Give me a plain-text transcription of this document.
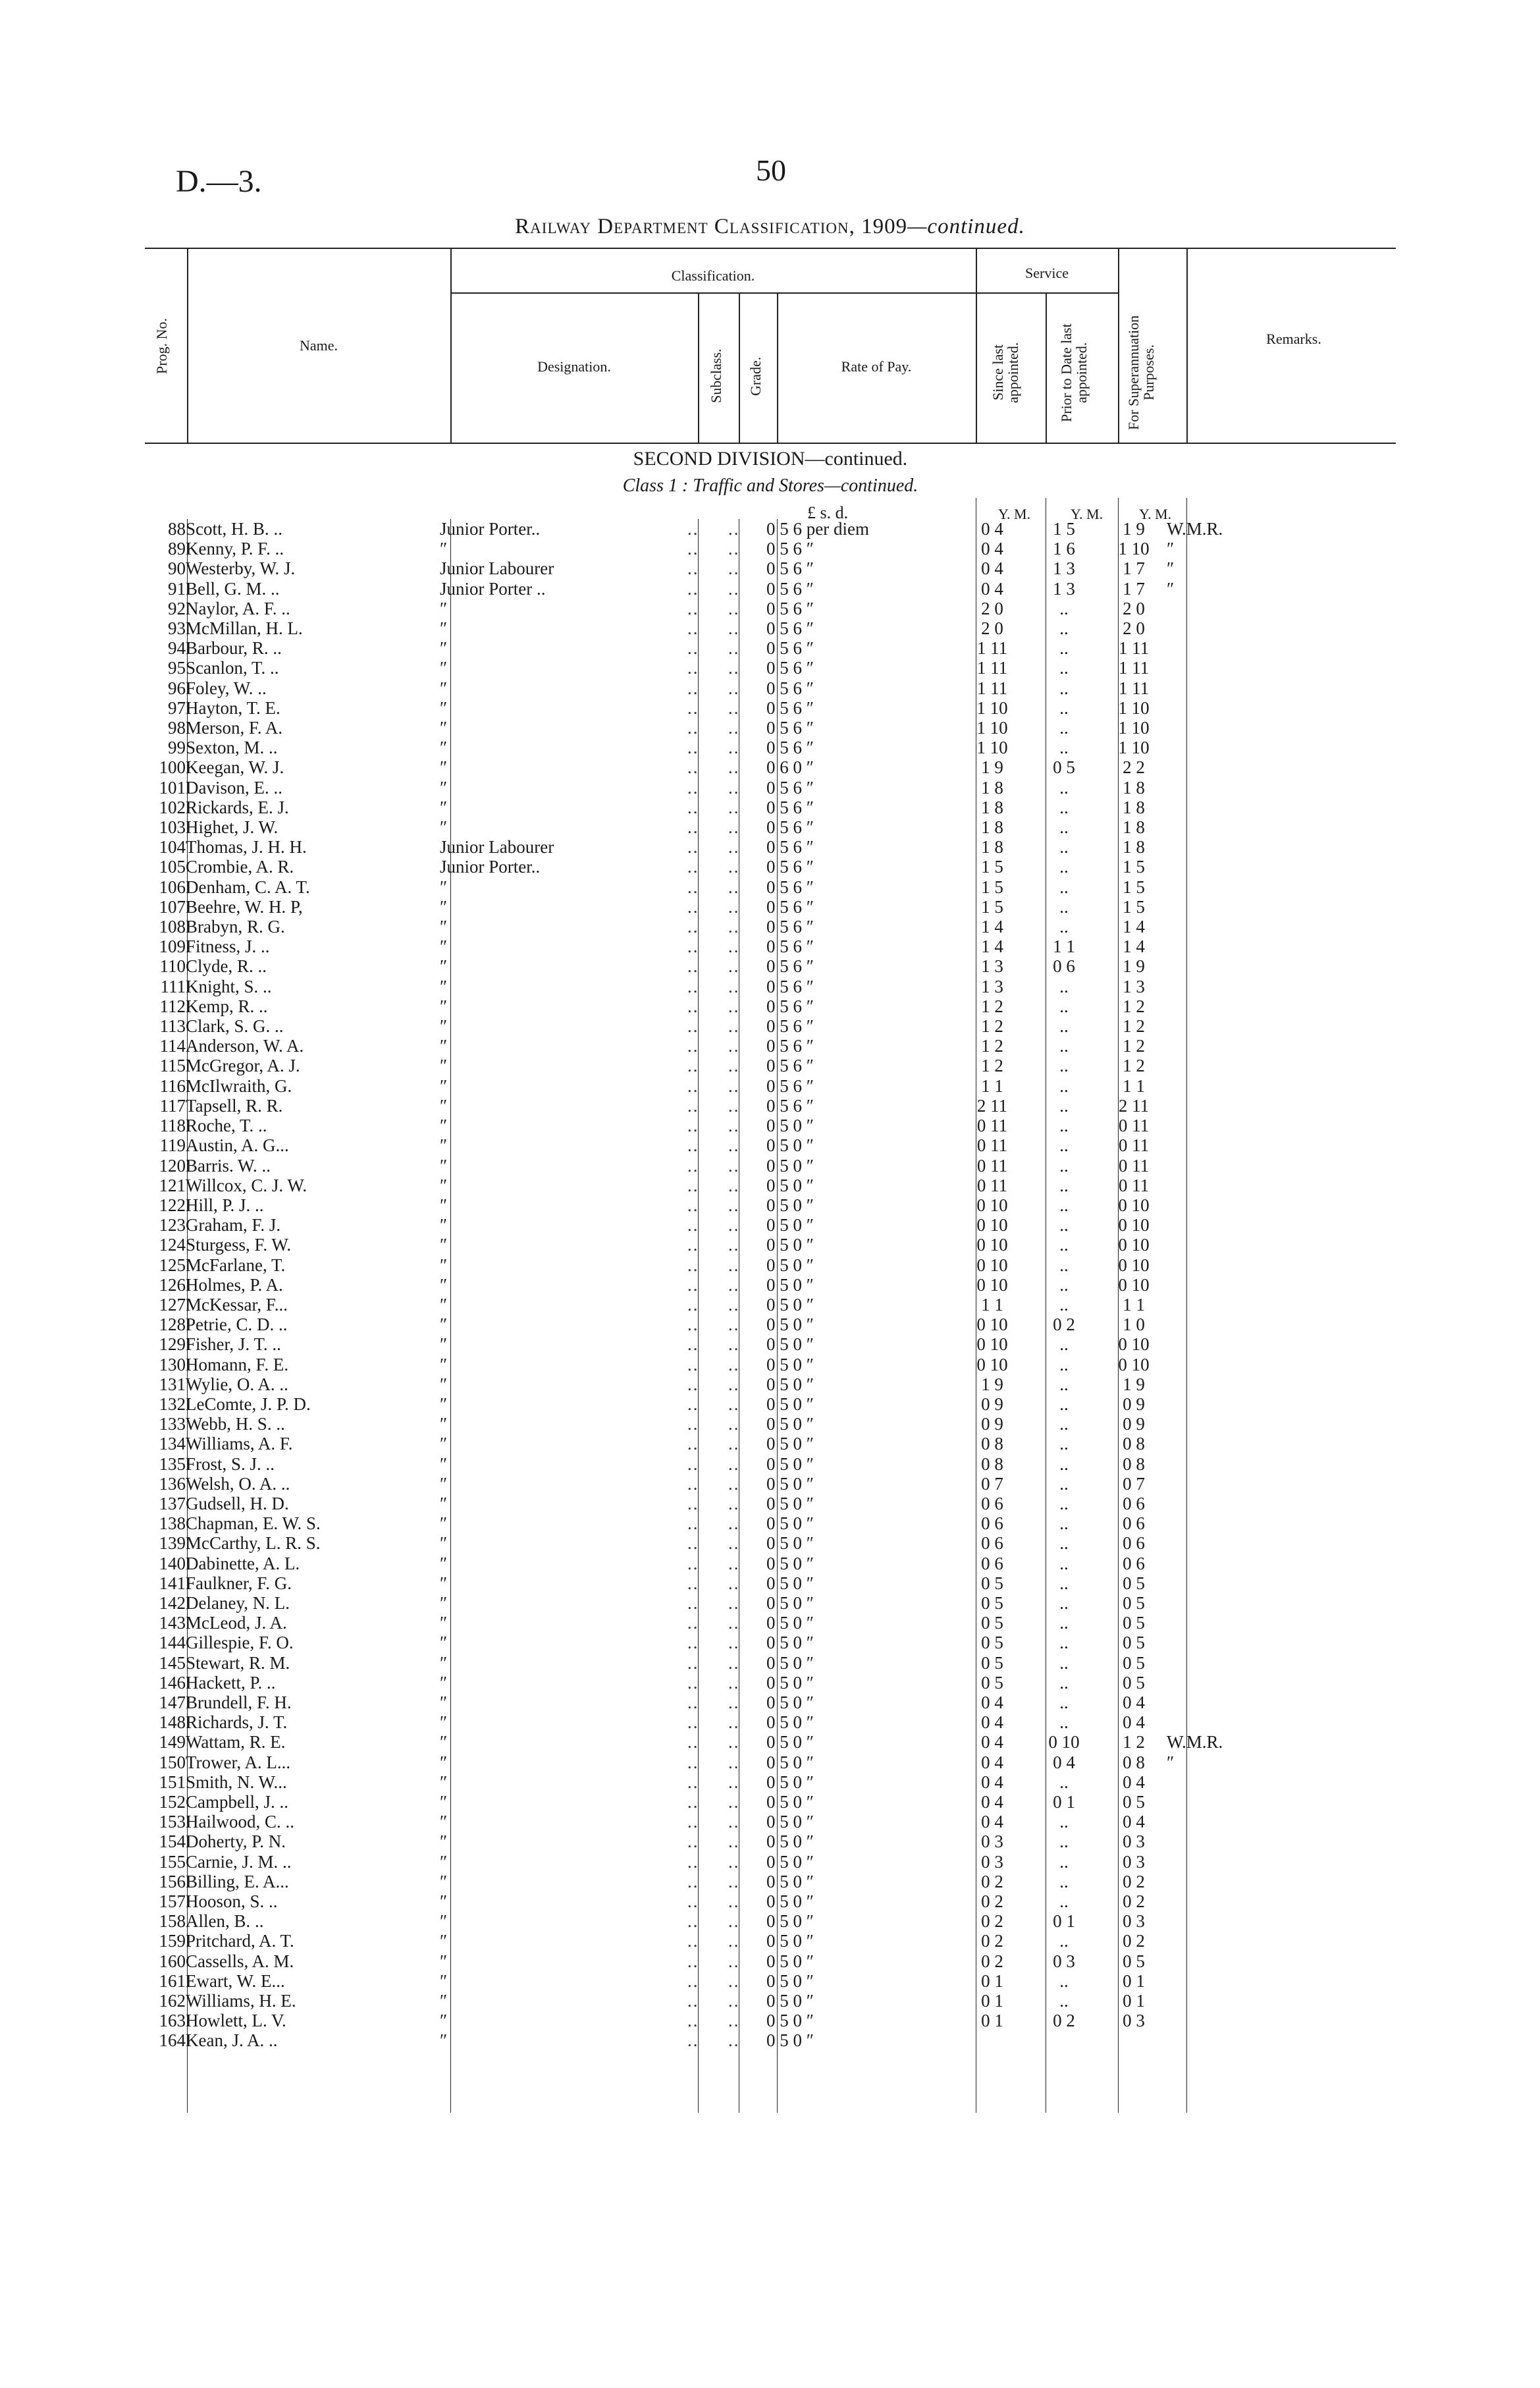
D.—3.	50
Railway Department Classification, 1909—continued.
Prog. No.	Name.
Classification.
Designation.	Subclass. Grade.	Rate of Pay.
Service
Since last appointed.	Prior to Date last appointed.	For Superannuation Purposes.
Remarks.
SECOND DIVISION—continued.
Class 1 : Traffic and Stores—continued.
£ s. d.	Y. M.	Y. M. Y. M.
88	Scott, H. B. ..	Junior Porter..	..	..	0 5 6 per diem	0 4	1 5	1 9	W.M.R.
89	Kenny, P. F. ..	″	..	..	0 5 6 ″	0 4	1 6	1 10	″
90	Westerby, W. J.	Junior Labourer	..	..	0 5 6 ″	0 4	1 3	1 7	″
91	Bell, G. M. ..	Junior Porter ..	..	..	0 5 6 ″	0 4	1 3	1 7	″
92	Naylor, A. F. ..	″	..	..	0 5 6 ″	2 0	..	2 0	
93	McMillan, H. L.	″	..	..	0 5 6 ″	2 0	..	2 0	
94	Barbour, R. ..	″	..	..	0 5 6 ″	1 11	..	1 11	
95	Scanlon, T. ..	″	..	..	0 5 6 ″	1 11	..	1 11	
96	Foley, W. ..	″	..	..	0 5 6 ″	1 11	..	1 11	
97	Hayton, T. E.	″	..	..	0 5 6 ″	1 10	..	1 10	
98	Merson, F. A.	″	..	..	0 5 6 ″	1 10	..	1 10	
99	Sexton, M. ..	″	..	..	0 5 6 ″	1 10	..	1 10	
100	Keegan, W. J.	″	..	..	0 6 0 ″	1 9	0 5	2 2	
101	Davison, E. ..	″	..	..	0 5 6 ″	1 8	..	1 8	
102	Rickards, E. J.	″	..	..	0 5 6 ″	1 8	..	1 8	
103	Highet, J. W.	″	..	..	0 5 6 ″	1 8	..	1 8	
104	Thomas, J. H. H.	Junior Labourer	..	..	0 5 6 ″	1 8	..	1 8	
105	Crombie, A. R.	Junior Porter..	..	..	0 5 6 ″	1 5	..	1 5	
106	Denham, C. A. T.	″	..	..	0 5 6 ″	1 5	..	1 5	
107	Beehre, W. H. P,	″	..	..	0 5 6 ″	1 5	..	1 5	
108	Brabyn, R. G.	″	..	..	0 5 6 ″	1 4	..	1 4	
109	Fitness, J. ..	″	..	..	0 5 6 ″	1 4	1 1	1 4	
110	Clyde, R. ..	″	..	..	0 5 6 ″	1 3	0 6	1 9	
111	Knight, S. ..	″	..	..	0 5 6 ″	1 3	..	1 3	
112	Kemp, R. ..	″	..	..	0 5 6 ″	1 2	..	1 2	
113	Clark, S. G. ..	″	..	..	0 5 6 ″	1 2	..	1 2	
114	Anderson, W. A.	″	..	..	0 5 6 ″	1 2	..	1 2	
115	McGregor, A. J.	″	..	..	0 5 6 ″	1 2	..	1 2	
116	McIlwraith, G.	″	..	..	0 5 6 ″	1 1	..	1 1	
117	Tapsell, R. R.	″	..	..	0 5 6 ″	2 11	..	2 11	
118	Roche, T. ..	″	..	..	0 5 0 ″	0 11	..	0 11	
119	Austin, A. G...	″	..	..	0 5 0 ″	0 11	..	0 11	
120	Barris. W. ..	″	..	..	0 5 0 ″	0 11	..	0 11	
121	Willcox, C. J. W.	″	..	..	0 5 0 ″	0 11	..	0 11	
122	Hill, P. J. ..	″	..	..	0 5 0 ″	0 10	..	0 10	
123	Graham, F. J.	″	..	..	0 5 0 ″	0 10	..	0 10	
124	Sturgess, F. W.	″	..	..	0 5 0 ″	0 10	..	0 10	
125	McFarlane, T.	″	..	..	0 5 0 ″	0 10	..	0 10	
126	Holmes, P. A.	″	..	..	0 5 0 ″	0 10	..	0 10	
127	McKessar, F...	″	..	..	0 5 0 ″	1 1	..	1 1	
128	Petrie, C. D. ..	″	..	..	0 5 0 ″	0 10	0 2	1 0	
129	Fisher, J. T. ..	″	..	..	0 5 0 ″	0 10	..	0 10	
130	Homann, F. E.	″	..	..	0 5 0 ″	0 10	..	0 10	
131	Wylie, O. A. ..	″	..	..	0 5 0 ″	1 9	..	1 9	
132	LeComte, J. P. D.	″	..	..	0 5 0 ″	0 9	..	0 9	
133	Webb, H. S. ..	″	..	..	0 5 0 ″	0 9	..	0 9	
134	Williams, A. F.	″	..	..	0 5 0 ″	0 8	..	0 8	
135	Frost, S. J. ..	″	..	..	0 5 0 ″	0 8	..	0 8	
136	Welsh, O. A. ..	″	..	..	0 5 0 ″	0 7	..	0 7	
137	Gudsell, H. D.	″	..	..	0 5 0 ″	0 6	..	0 6	
138	Chapman, E. W. S.	″	..	..	0 5 0 ″	0 6	..	0 6	
139	McCarthy, L. R. S.	″	..	..	0 5 0 ″	0 6	..	0 6	
140	Dabinette, A. L.	″	..	..	0 5 0 ″	0 6	..	0 6	
141	Faulkner, F. G.	″	..	..	0 5 0 ″	0 5	..	0 5	
142	Delaney, N. L.	″	..	..	0 5 0 ″	0 5	..	0 5	
143	McLeod, J. A.	″	..	..	0 5 0 ″	0 5	..	0 5	
144	Gillespie, F. O.	″	..	..	0 5 0 ″	0 5	..	0 5	
145	Stewart, R. M.	″	..	..	0 5 0 ″	0 5	..	0 5	
146	Hackett, P. ..	″	..	..	0 5 0 ″	0 5	..	0 5	
147	Brundell, F. H.	″	..	..	0 5 0 ″	0 4	..	0 4	
148	Richards, J. T.	″	..	..	0 5 0 ″	0 4	..	0 4	
149	Wattam, R. E.	″	..	..	0 5 0 ″	0 4	0 10	1 2	W.M.R.
150	Trower, A. L...	″	..	..	0 5 0 ″	0 4	0 4	0 8	″
151	Smith, N. W...	″	..	..	0 5 0 ″	0 4	..	0 4	
152	Campbell, J. ..	″	..	..	0 5 0 ″	0 4	0 1	0 5	
153	Hailwood, C. ..	″	..	..	0 5 0 ″	0 4	..	0 4	
154	Doherty, P. N.	″	..	..	0 5 0 ″	0 3	..	0 3	
155	Carnie, J. M. ..	″	..	..	0 5 0 ″	0 3	..	0 3	
156	Billing, E. A...	″	..	..	0 5 0 ″	0 2	..	0 2	
157	Hooson, S. ..	″	..	..	0 5 0 ″	0 2	..	0 2	
158	Allen, B. ..	″	..	..	0 5 0 ″	0 2	0 1	0 3	
159	Pritchard, A. T.	″	..	..	0 5 0 ″	0 2	..	0 2	
160	Cassells, A. M.	″	..	..	0 5 0 ″	0 2	0 3	0 5	
161	Ewart, W. E...	″	..	..	0 5 0 ″	0 1	..	0 1	
162	Williams, H. E.	″	..	..	0 5 0 ″	0 1	..	0 1	
163	Howlett, L. V.	″	..	..	0 5 0 ″	0 1	0 2	0 3	
164	Kean, J. A. ..	″	..	..	0 5 0 ″				
